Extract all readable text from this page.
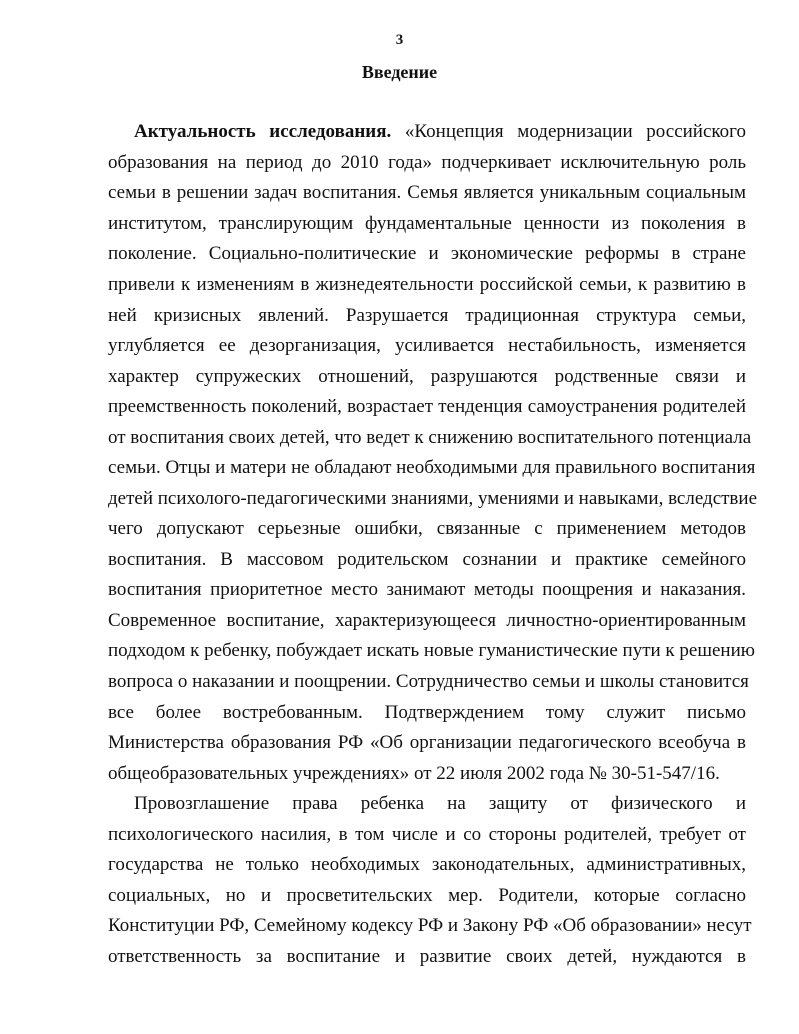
3
Введение
Актуальность исследования. «Концепция модернизации российского
образования на период до 2010 года» подчеркивает исключительную роль
семьи в решении задач воспитания. Семья является уникальным социальным
институтом, транслирующим фундаментальные ценности из поколения в
поколение. Социально-политические и экономические реформы в стране
привели к изменениям в жизнедеятельности российской семьи, к развитию в
ней кризисных явлений. Разрушается традиционная структура семьи,
углубляется ее дезорганизация, усиливается нестабильность, изменяется
характер супружеских отношений, разрушаются родственные связи и
преемственность поколений, возрастает тенденция самоустранения родителей
от воспитания своих детей, что ведет к снижению воспитательного потенциала
семьи. Отцы и матери не обладают необходимыми для правильного воспитания
детей психолого-педагогическими знаниями, умениями и навыками, вследствие
чего допускают серьезные ошибки, связанные с применением методов
воспитания. В массовом родительском сознании и практике семейного
воспитания приоритетное место занимают методы поощрения и наказания.
Современное воспитание, характеризующееся личностно-ориентированным
подходом к ребенку, побуждает искать новые гуманистические пути к решению
вопроса о наказании и поощрении. Сотрудничество семьи и школы становится
все более востребованным. Подтверждением тому служит письмо
Министерства образования РФ «Об организации педагогического всеобуча в
общеобразовательных учреждениях» от 22 июля 2002 года № 30-51-547/16.
Провозглашение права ребенка на защиту от физического и
психологического насилия, в том числе и со стороны родителей, требует от
государства не только необходимых законодательных, административных,
социальных, но и просветительских мер. Родители, которые согласно
Конституции РФ, Семейному кодексу РФ и Закону РФ «Об образовании» несут
ответственность за воспитание и развитие своих детей, нуждаются в
